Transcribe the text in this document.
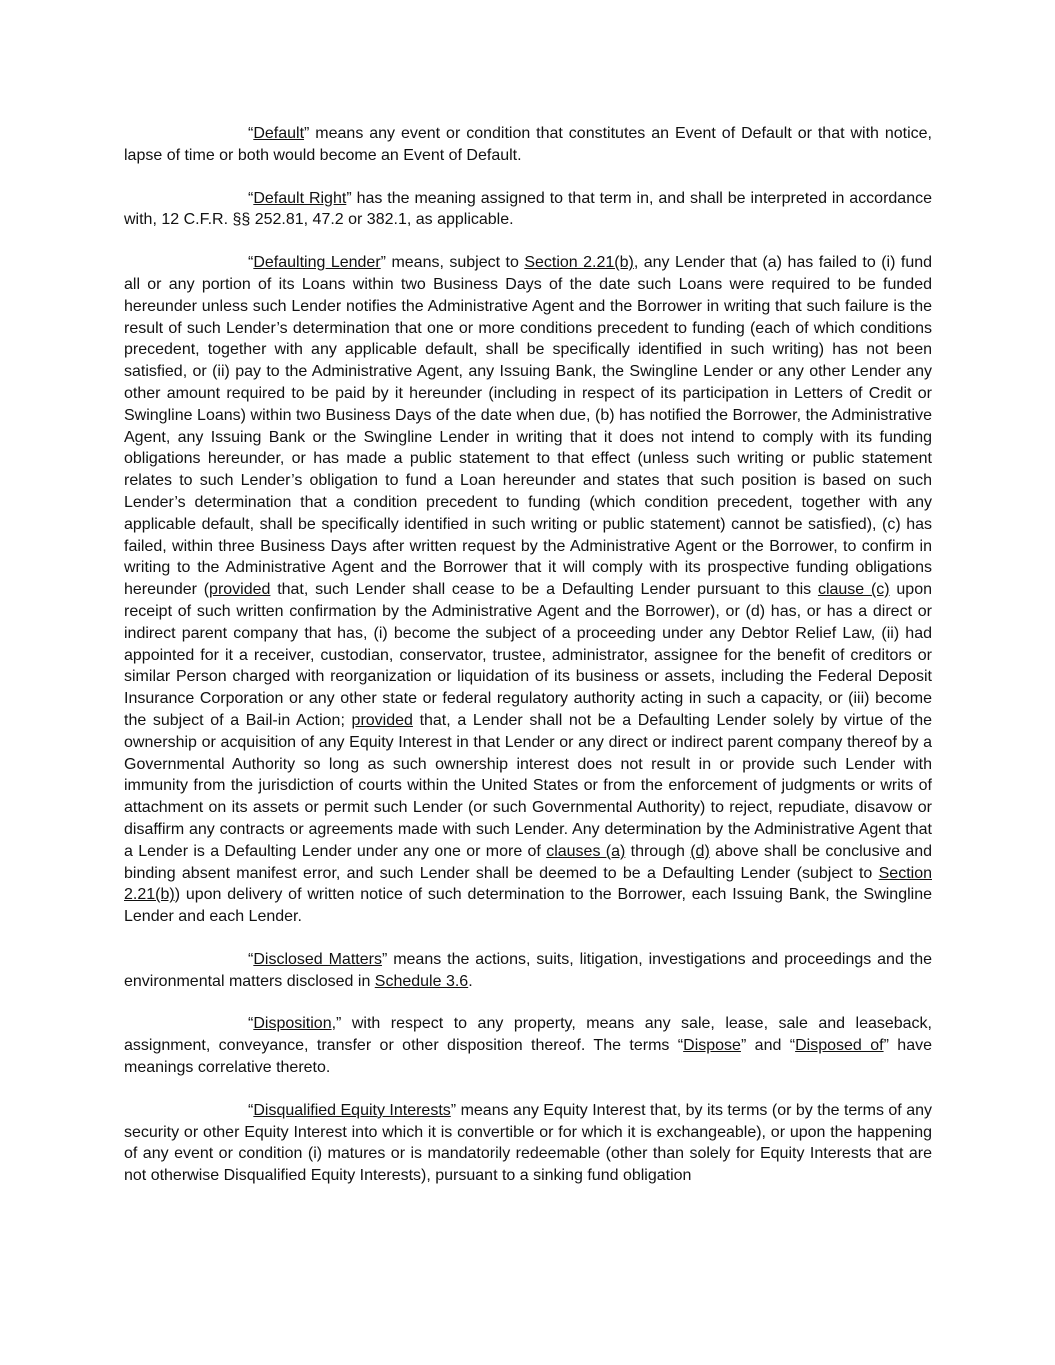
“Default” means any event or condition that constitutes an Event of Default or that with notice, lapse of time or both would become an Event of Default.

“Default Right” has the meaning assigned to that term in, and shall be interpreted in accordance with, 12 C.F.R. §§ 252.81, 47.2 or 382.1, as applicable.

“Defaulting Lender” means, subject to Section 2.21(b), any Lender that (a) has failed to (i) fund all or any portion of its Loans within two Business Days of the date such Loans were required to be funded hereunder unless such Lender notifies the Administrative Agent and the Borrower in writing that such failure is the result of such Lender’s determination that one or more conditions precedent to funding (each of which conditions precedent, together with any applicable default, shall be specifically identified in such writing) has not been satisfied, or (ii) pay to the Administrative Agent, any Issuing Bank, the Swingline Lender or any other Lender any other amount required to be paid by it hereunder (including in respect of its participation in Letters of Credit or Swingline Loans) within two Business Days of the date when due, (b) has notified the Borrower, the Administrative Agent, any Issuing Bank or the Swingline Lender in writing that it does not intend to comply with its funding obligations hereunder, or has made a public statement to that effect (unless such writing or public statement relates to such Lender’s obligation to fund a Loan hereunder and states that such position is based on such Lender’s determination that a condition precedent to funding (which condition precedent, together with any applicable default, shall be specifically identified in such writing or public statement) cannot be satisfied), (c) has failed, within three Business Days after written request by the Administrative Agent or the Borrower, to confirm in writing to the Administrative Agent and the Borrower that it will comply with its prospective funding obligations hereunder (provided that, such Lender shall cease to be a Defaulting Lender pursuant to this clause (c) upon receipt of such written confirmation by the Administrative Agent and the Borrower), or (d) has, or has a direct or indirect parent company that has, (i) become the subject of a proceeding under any Debtor Relief Law, (ii) had appointed for it a receiver, custodian, conservator, trustee, administrator, assignee for the benefit of creditors or similar Person charged with reorganization or liquidation of its business or assets, including the Federal Deposit Insurance Corporation or any other state or federal regulatory authority acting in such a capacity, or (iii) become the subject of a Bail-in Action; provided that, a Lender shall not be a Defaulting Lender solely by virtue of the ownership or acquisition of any Equity Interest in that Lender or any direct or indirect parent company thereof by a Governmental Authority so long as such ownership interest does not result in or provide such Lender with immunity from the jurisdiction of courts within the United States or from the enforcement of judgments or writs of attachment on its assets or permit such Lender (or such Governmental Authority) to reject, repudiate, disavow or disaffirm any contracts or agreements made with such Lender. Any determination by the Administrative Agent that a Lender is a Defaulting Lender under any one or more of clauses (a) through (d) above shall be conclusive and binding absent manifest error, and such Lender shall be deemed to be a Defaulting Lender (subject to Section 2.21(b)) upon delivery of written notice of such determination to the Borrower, each Issuing Bank, the Swingline Lender and each Lender.

“Disclosed Matters” means the actions, suits, litigation, investigations and proceedings and the environmental matters disclosed in Schedule 3.6.

“Disposition,” with respect to any property, means any sale, lease, sale and leaseback, assignment, conveyance, transfer or other disposition thereof. The terms “Dispose” and “Disposed of” have meanings correlative thereto.

“Disqualified Equity Interests” means any Equity Interest that, by its terms (or by the terms of any security or other Equity Interest into which it is convertible or for which it is exchangeable), or upon the happening of any event or condition (i) matures or is mandatorily redeemable (other than solely for Equity Interests that are not otherwise Disqualified Equity Interests), pursuant to a sinking fund obligation
